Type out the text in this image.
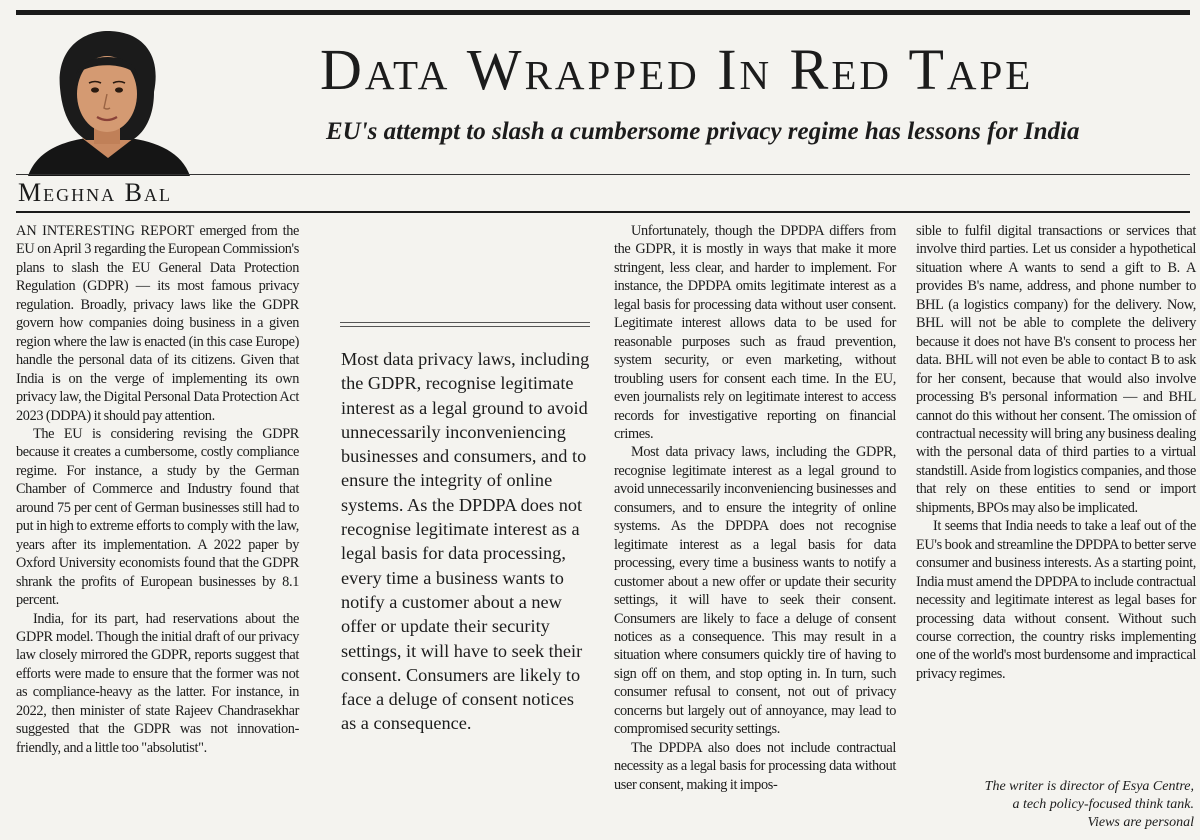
Data Wrapped In Red Tape
EU's attempt to slash a cumbersome privacy regime has lessons for India
Meghna Bal

AN INTERESTING REPORT emerged from the EU on April 3 regarding the European Commission's plans to slash the EU General Data Protection Regulation (GDPR) — its most famous privacy regulation. Broadly, privacy laws like the GDPR govern how companies doing business in a given region where the law is enacted (in this case Europe) handle the personal data of its citizens. Given that India is on the verge of implementing its own privacy law, the Digital Personal Data Protection Act 2023 (DDPA) it should pay attention.

The EU is considering revising the GDPR because it creates a cumbersome, costly compliance regime. For instance, a study by the German Chamber of Commerce and Industry found that around 75 per cent of German businesses still had to put in high to extreme efforts to comply with the law, years after its implementation. A 2022 paper by Oxford University economists found that the GDPR shrank the profits of European businesses by 8.1 percent.

India, for its part, had reservations about the GDPR model. Though the initial draft of our privacy law closely mirrored the GDPR, reports suggest that efforts were made to ensure that the former was not as compliance-heavy as the latter. For instance, in 2022, then minister of state Rajeev Chandrasekhar suggested that the GDPR was not innovation-friendly, and a little too "absolutist".

Most data privacy laws, including the GDPR, recognise legitimate interest as a legal ground to avoid unnecessarily inconveniencing businesses and consumers, and to ensure the integrity of online systems. As the DPDPA does not recognise legitimate interest as a legal basis for data processing, every time a business wants to notify a customer about a new offer or update their security settings, it will have to seek their consent. Consumers are likely to face a deluge of consent notices as a consequence.

Unfortunately, though the DPDPA differs from the GDPR, it is mostly in ways that make it more stringent, less clear, and harder to implement. For instance, the DPDPA omits legitimate interest as a legal basis for processing data without user consent. Legitimate interest allows data to be used for reasonable purposes such as fraud prevention, system security, or even marketing, without troubling users for consent each time. In the EU, even journalists rely on legitimate interest to access records for investigative reporting on financial crimes.

Most data privacy laws, including the GDPR, recognise legitimate interest as a legal ground to avoid unnecessarily inconveniencing businesses and consumers, and to ensure the integrity of online systems. As the DPDPA does not recognise legitimate interest as a legal basis for data processing, every time a business wants to notify a customer about a new offer or update their security settings, it will have to seek their consent. Consumers are likely to face a deluge of consent notices as a consequence. This may result in a situation where consumers quickly tire of having to sign off on them, and stop opting in. In turn, such consumer refusal to consent, not out of privacy concerns but largely out of annoyance, may lead to compromised security settings.

The DPDPA also does not include contractual necessity as a legal basis for processing data without user consent, making it impos-

sible to fulfil digital transactions or services that involve third parties. Let us consider a hypothetical situation where A wants to send a gift to B. A provides B's name, address, and phone number to BHL (a logistics company) for the delivery. Now, BHL will not be able to complete the delivery because it does not have B's consent to process her data. BHL will not even be able to contact B to ask for her consent, because that would also involve processing B's personal information — and BHL cannot do this without her consent. The omission of contractual necessity will bring any business dealing with the personal data of third parties to a virtual standstill. Aside from logistics companies, and those that rely on these entities to send or import shipments, BPOs may also be implicated.

It seems that India needs to take a leaf out of the EU's book and streamline the DPDPA to better serve consumer and business interests. As a starting point, India must amend the DPDPA to include contractual necessity and legitimate interest as legal bases for processing data without consent. Without such course correction, the country risks implementing one of the world's most burdensome and impractical privacy regimes.

The writer is director of Esya Centre,
a tech policy-focused think tank.
Views are personal
